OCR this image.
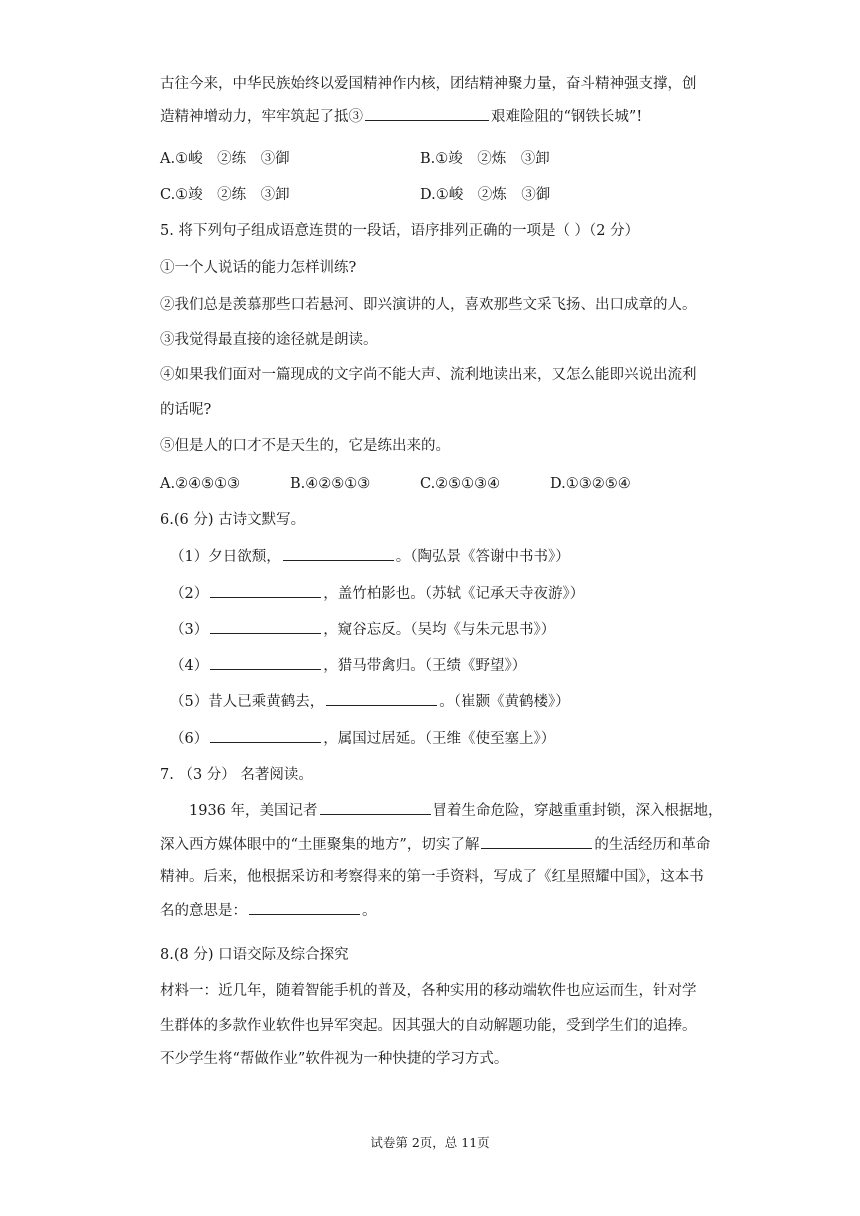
古往今来，中华民族始终以爱国精神作内核，团结精神聚力量，奋斗精神强支撑，创
造精神增动力，牢牢筑起了抵③	艰难险阻的“钢铁长城”!
A.①峻　②练　③御	B.①竣　②炼　③卸
C.①竣　②练　③卸	D.①峻　②炼　③御
5. 将下列句子组成语意连贯的一段话，语序排列正确的一项是（ ）（2 分）
①一个人说话的能力怎样训练?
②我们总是羡慕那些口若悬河、即兴演讲的人，喜欢那些文采飞扬、出口成章的人。
③我觉得最直接的途径就是朗读。
④如果我们面对一篇现成的文字尚不能大声、流利地读出来，又怎么能即兴说出流利
的话呢?
⑤但是人的口才不是天生的，它是练出来的。
A.②④⑤①③	B.④②⑤①③	C.②⑤①③④	D.①③②⑤④
6.(6 分) 古诗文默写。
（1）夕日欲颓，	。（陶弘景《答谢中书书》）
（2）	，盖竹柏影也。（苏轼《记承天寺夜游》）
（3）	，窥谷忘反。（吴均《与朱元思书》）
（4）	，猎马带禽归。（王绩《野望》）
（5）昔人已乘黄鹤去，	。（崔颢《黄鹤楼》）
（6）	，属国过居延。（王维《使至塞上》）
7. （3 分） 名著阅读。
1936 年，美国记者	冒着生命危险，穿越重重封锁，深入根据地，
深入西方媒体眼中的“土匪聚集的地方”，切实了解	的生活经历和革命
精神。后来，他根据采访和考察得来的第一手资料，写成了《红星照耀中国》，这本书
名的意思是：	。
8.(8 分) 口语交际及综合探究
材料一：近几年，随着智能手机的普及，各种实用的移动端软件也应运而生，针对学
生群体的多款作业软件也异军突起。因其强大的自动解题功能，受到学生们的追捧。
不少学生将“帮做作业”软件视为一种快捷的学习方式。
试卷第 2页，总 11页
